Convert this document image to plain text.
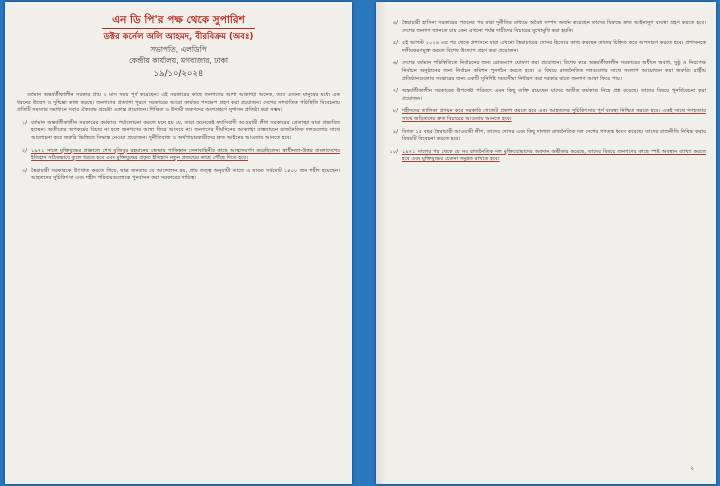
এন ডি পি'র পক্ষ থেকে সুপারিশ
ডক্টর কর্নেল অলি আহমদ, বীরবিক্রম (অবঃ)
সভাপতি, এলডিপি
কেন্দ্রীয় কার্যালয়, মগবাজার, ঢাকা
১৯/১০/২০২৪

বর্তমান অন্তর্বর্তীকালীন সরকার প্রায় ২ মাস সময় পূর্ণ করেছেন। এই সরকারের কাছে জনগণের আশা আকাঙ্খা অনেক, তবে এজন্য মানুষের মধ্যে এক ধরনের উদ্বেগ ও দুশ্চিন্তা কাজ করছে। জনগণের প্রত্যাশা পূরণে সরকারের আরো কার্যকর পদক্ষেপ গ্রহণ করা প্রয়োজন। দেশের সাম্প্রতিক পরিস্থিতি বিবেচনায় প্রতিটি সমস্যার সমাধানে সবার ঐক্যবদ্ধ প্রচেষ্টা একান্ত প্রয়োজন। শিক্ষিত ও উদ্যমী তরুণদের অংশগ্রহণে সুশাসন প্রতিষ্ঠা করা সম্ভব।

১/ বর্তমান অন্তর্বর্তীকালীন সরকারের কর্মকাণ্ড পর্যালোচনা করলে মনে হয় যে, তারা অনেকেই ফ্যাসিবাদী আওয়ামী লীগ সরকারের প্রেতাত্মা দ্বারা প্রভাবিত হচ্ছেন। অতীতের অপকর্মের বিচার না হলে জনগণের আস্থা ফিরে আসবে না। জনগণের দীর্ঘদিনের আকাঙ্খা বাস্তবায়নে রাজনৈতিক দলগুলোর সাথে আলোচনা করে জরুরি ভিত্তিতে সিদ্ধান্ত নেওয়া প্রয়োজন। দুর্নীতিবাজ ও অর্থপাচারকারীদের দ্রুত আইনের আওতায় আনতে হবে।
২/ ১৯৭১ সালে মুক্তিযুদ্ধের প্রাক্কালে শেখ মুজিবুর রহমানের স্বেচ্ছায় পাকিস্তান সেনাবাহিনীর কাছে আত্মসমর্পণ করেছিলেন। স্বাধীনতা-উত্তর বাংলাদেশের ইতিহাস সঠিকভাবে তুলে ধরতে হবে এবং মুক্তিযুদ্ধের প্রকৃত ইতিহাস নতুন প্রজন্মের কাছে পৌঁছে দিতে হবে।
৩/ স্বৈরাচারী সরকারকে উৎখাত করতে গিয়ে, ছাত্র জনতার যে আন্দোলন হয়, প্রায় তত্ত্ব অনুযায়ী তাতে এ যাবত সর্বমোট ১৪০০ জন শহীদ হয়েছেন। আহতদের সুচিকিৎসা এবং শহীদ পরিবারগুলোকে পুনর্বাসন করা সরকারের দায়িত্ব।
৪/ স্বৈরাচারী হাসিনা সরকারের পতনের পর যারা দুর্নীতির মাধ্যমে অবৈধ সম্পদ অর্জন করেছেন তাদের বিরুদ্ধে দ্রুত আইনানুগ ব্যবস্থা গ্রহণ করতে হবে। দেশের জনগণ জানতে চায় কেন এখনো পর্যন্ত দায়ীদের বিচারের মুখোমুখি করা হয়নি।
৫/ ৫ই আগস্ট ২০২৪ এর পর থেকে প্রশাসনে যারা এখনো স্বৈরাচারের দোসর হিসেবে কাজ করছেন তাদের চিহ্নিত করে অপসারণ করতে হবে। প্রশাসনকে দলীয়করণমুক্ত করতে বিশেষ উদ্যোগ গ্রহণ করা প্রয়োজন।
৬/ দেশের বর্তমান পরিস্থিতিতে নির্বাচনের জন্য রোডম্যাপ ঘোষণা করা প্রয়োজন। বিশেষ করে অন্তর্বর্তীকালীন সরকারের অধীনে অবাধ, সুষ্ঠু ও নিরপেক্ষ নির্বাচন অনুষ্ঠানের জন্য নির্বাচন কমিশন পুনর্গঠন করতে হবে। এ বিষয়ে রাজনৈতিক দলগুলোর সাথে সংলাপ আয়োজন করা জরুরি। রাষ্ট্রীয় প্রতিষ্ঠানগুলোর সংস্কারের জন্য একটি সুনির্দিষ্ট সময়সীমা নির্ধারণ করা দরকার যাতে জনগণ আস্থা ফিরে পায়।
৭/ অন্তর্বর্তীকালীন সরকারের উপদেষ্টা পরিষদে এমন কিছু ব্যক্তি রয়েছেন যাদের অতীত কর্মকাণ্ড নিয়ে প্রশ্ন রয়েছে। তাদের বিষয়ে পুনর্বিবেচনা করা প্রয়োজন।
৮/ শহীদদের তালিকা প্রণয়ন করে সরকারি গেজেট প্রকাশ করতে হবে এবং আহতদের সুচিকিৎসার পূর্ণ ব্যবস্থা নিশ্চিত করতে হবে। একই সাথে গণহত্যার সাথে জড়িতদের দ্রুত বিচারের আওতায় আনতে হবে।
৯/ বিগত ১৫ বছর স্বৈরাচারী আওয়ামী লীগ, তাদের দোসর এবং কিছু দালাল রাজনৈতিক দল দেশের গণতন্ত্র ধ্বংস করেছে। তাদের রাজনীতি নিষিদ্ধ করার বিষয়টি বিবেচনা করতে হবে।
১০/ ১৯৭১ সালের পর থেকে যে সব রাজনৈতিক দল মুক্তিযোদ্ধাদের অবদান অস্বীকার করেছে, তাদের বিষয়ে জনগণের কাছে স্পষ্ট অবস্থান ব্যাখ্যা করতে হবে এবং মুক্তিযুদ্ধের চেতনা সমুন্নত রাখতে হবে।
২
